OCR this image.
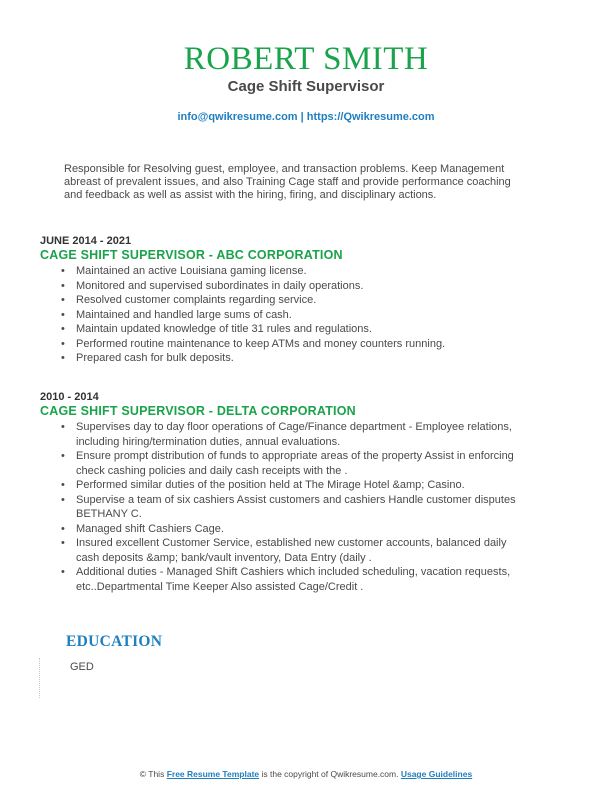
ROBERT SMITH
Cage Shift Supervisor
info@qwikresume.com | https://Qwikresume.com
Responsible for Resolving guest, employee, and transaction problems. Keep Management abreast of prevalent issues, and also Training Cage staff and provide performance coaching and feedback as well as assist with the hiring, firing, and disciplinary actions.
JUNE 2014 - 2021
CAGE SHIFT SUPERVISOR - ABC CORPORATION
• Maintained an active Louisiana gaming license.
• Monitored and supervised subordinates in daily operations.
• Resolved customer complaints regarding service.
• Maintained and handled large sums of cash.
• Maintain updated knowledge of title 31 rules and regulations.
• Performed routine maintenance to keep ATMs and money counters running.
• Prepared cash for bulk deposits.
2010 - 2014
CAGE SHIFT SUPERVISOR - DELTA CORPORATION
• Supervises day to day floor operations of Cage/Finance department - Employee relations, including hiring/termination duties, annual evaluations.
• Ensure prompt distribution of funds to appropriate areas of the property Assist in enforcing check cashing policies and daily cash receipts with the .
• Performed similar duties of the position held at The Mirage Hotel &amp; Casino.
• Supervise a team of six cashiers Assist customers and cashiers Handle customer disputes BETHANY C.
• Managed shift Cashiers Cage.
• Insured excellent Customer Service, established new customer accounts, balanced daily cash deposits &amp; bank/vault inventory, Data Entry (daily .
• Additional duties - Managed Shift Cashiers which included scheduling, vacation requests, etc..Departmental Time Keeper Also assisted Cage/Credit .
EDUCATION
GED
© This Free Resume Template is the copyright of Qwikresume.com. Usage Guidelines
